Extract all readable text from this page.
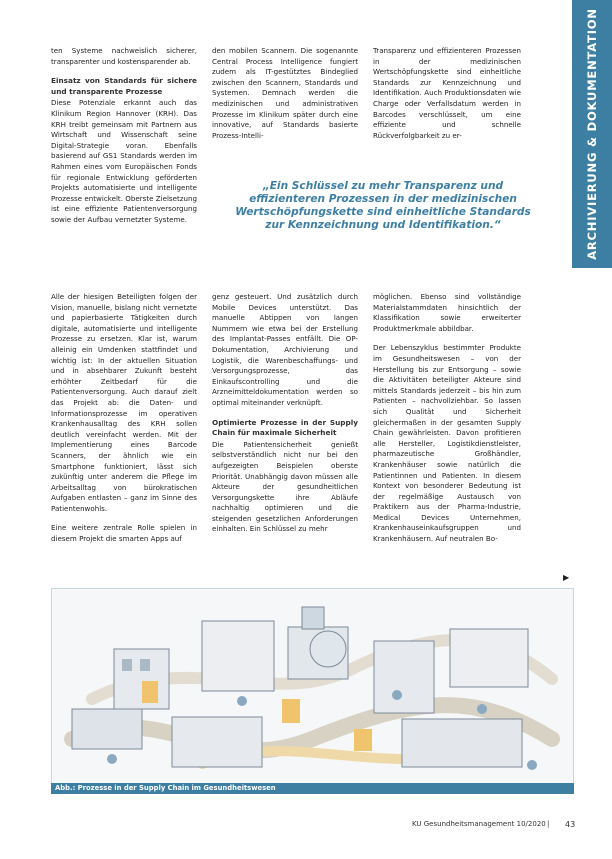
ARCHIVIERUNG & DOKUMENTATION

ten Systeme nachweislich sicherer, transparenter und kostensparender ab.

Einsatz von Standards für sichere und transparente Prozesse

Diese Potenziale erkannt auch das Klinikum Region Hannover (KRH). Das KRH treibt gemeinsam mit Partnern aus Wirtschaft und Wissenschaft seine Digital-Strategie voran. Ebenfalls basierend auf GS1 Standards werden im Rahmen eines vom Europäischen Fonds für regionale Entwicklung geförderten Projekts automatisierte und intelligente Prozesse entwickelt. Oberste Zielsetzung ist eine effiziente Patientenversorgung sowie der Aufbau vernetzter Systeme.

den mobilen Scannern. Die sogenannte Central Process Intelligence fungiert zudem als IT-gestütztes Bindeglied zwischen den Scannern, Standards und Systemen. Demnach werden die medizinischen und administrativen Prozesse im Klinikum später durch eine innovative, auf Standards basierte Prozess-Intelli-

Transparenz und effizienteren Prozessen in der medizinischen Wertschöpfungskette sind einheitliche Standards zur Kennzeichnung und Identifikation. Auch Produktionsdaten wie Charge oder Verfallsdatum werden in Barcodes verschlüsselt, um eine effiziente und schnelle Rückverfolgbarkeit zu er-

„Ein Schlüssel zu mehr Transparenz und effizienteren Prozessen in der medizinischen Wertschöpfungskette sind einheitliche Standards zur Kennzeichnung und Identifikation.“

Alle der hiesigen Beteiligten folgen der Vision, manuelle, bislang nicht vernetzte und papierbasierte Tätigkeiten durch digitale, automatisierte und intelligente Prozesse zu ersetzen. Klar ist, warum alleinig ein Umdenken stattfindet und wichtig ist: In der aktuellen Situation und in absehbarer Zukunft besteht erhöhter Zeitbedarf für die Patientenversorgung. Auch darauf zielt das Projekt ab: die Daten- und Informationsprozesse im operativen Krankenhausalltag des KRH sollen deutlich vereinfacht werden. Mit der Implementierung eines Barcode Scanners, der ähnlich wie ein Smartphone funktioniert, lässt sich zukünftig unter anderem die Pflege im Arbeitsalltag von bürokratischen Aufgaben entlasten – ganz im Sinne des Patientenwohls.

Eine weitere zentrale Rolle spielen in diesem Projekt die smarten Apps auf

genz gesteuert. Und zusätzlich durch Mobile Devices unterstützt. Das manuelle Abtippen von langen Nummern wie etwa bei der Erstellung des Implantat-Passes entfällt. Die OP-Dokumentation, Archivierung und Logistik, die Warenbeschaffungs- und Versorgungsprozesse, das Einkaufscontrolling und die Arzneimitteldokumentation werden so optimal miteinander verknüpft.

Optimierte Prozesse in der Supply Chain für maximale Sicherheit

Die Patientensicherheit genießt selbstverständlich nicht nur bei den aufgezeigten Beispielen oberste Priorität. Unabhängig davon müssen alle Akteure der gesundheitlichen Versorgungskette ihre Abläufe nachhaltig optimieren und die steigenden gesetzlichen Anforderungen einhalten. Ein Schlüssel zu mehr

möglichen. Ebenso sind vollständige Materialstammdaten hinsichtlich der Klassifikation sowie erweiterter Produktmerkmale abbildbar.

Der Lebenszyklus bestimmter Produkte im Gesundheitswesen – von der Herstellung bis zur Entsorgung – sowie die Aktivitäten beteiligter Akteure sind mittels Standards jederzeit – bis hin zum Patienten – nachvollziehbar. So lassen sich Qualität und Sicherheit gleichermaßen in der gesamten Supply Chain gewährleisten. Davon profitieren alle Hersteller, Logistikdienstleister, pharmazeutische Großhändler, Krankenhäuser sowie natürlich die Patientinnen und Patienten. In diesem Kontext von besonderer Bedeutung ist der regelmäßige Austausch von Praktikern aus der Pharma-Industrie, Medical Devices Unternehmen, Krankenhauseinkaufsgruppen und Krankenhäusern. Auf neutralen Bo-

▶
Abb.: Prozesse in der Supply Chain im Gesundheitswesen
KU Gesundheitsmanagement 10/2020 | 43
